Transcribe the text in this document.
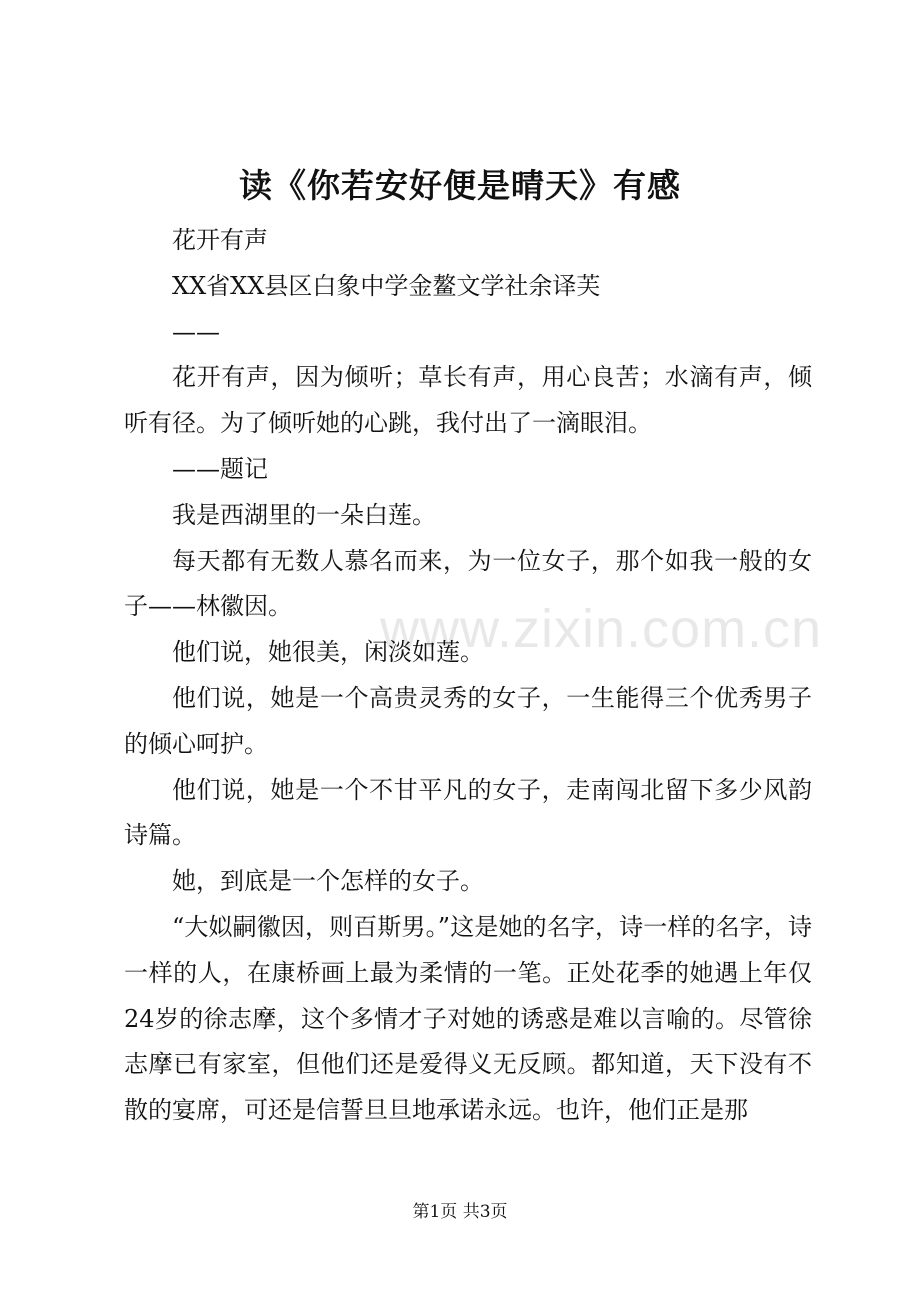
读《你若安好便是晴天》有感

花开有声

XX省XX县区白象中学金鳌文学社余译芙

——

花开有声，因为倾听；草长有声，用心良苦；水滴有声，倾听有径。为了倾听她的心跳，我付出了一滴眼泪。

——题记

我是西湖里的一朵白莲。

每天都有无数人慕名而来，为一位女子，那个如我一般的女子——林徽因。

他们说，她很美，闲淡如莲。

他们说，她是一个高贵灵秀的女子，一生能得三个优秀男子的倾心呵护。

他们说，她是一个不甘平凡的女子，走南闯北留下多少风韵诗篇。

她，到底是一个怎样的女子。

“大姒嗣徽因，则百斯男。”这是她的名字，诗一样的名字，诗一样的人，在康桥画上最为柔情的一笔。正处花季的她遇上年仅24岁的徐志摩，这个多情才子对她的诱惑是难以言喻的。尽管徐志摩已有家室，但他们还是爱得义无反顾。都知道，天下没有不散的宴席，可还是信誓旦旦地承诺永远。也许，他们正是那

www.zixin.com.cn
第1页 共3页
